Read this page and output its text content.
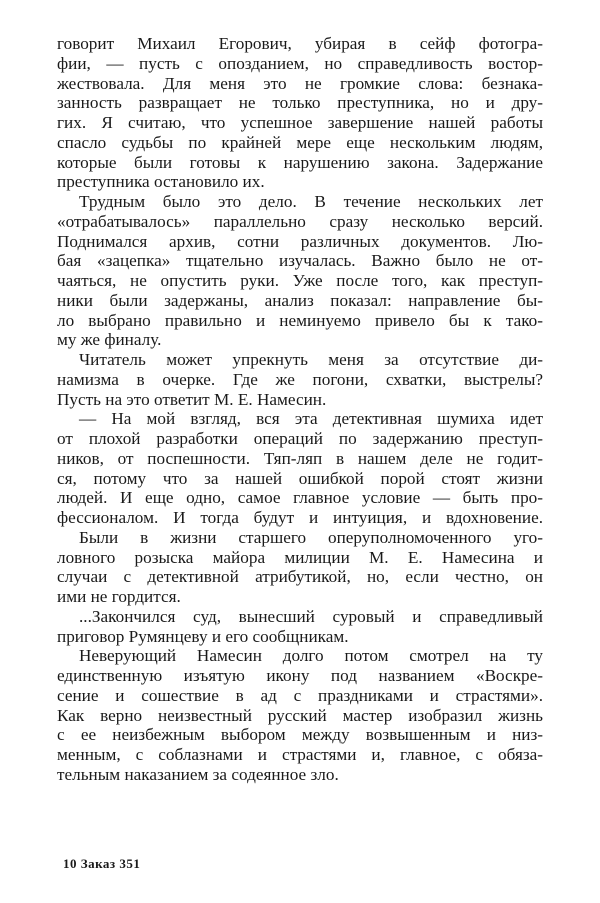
говорит Михаил Егорович, убирая в сейф фотогра-
фии, — пусть с опозданием, но справедливость востор-
жествовала. Для меня это не громкие слова: безнака-
занность развращает не только преступника, но и дру-
гих. Я считаю, что успешное завершение нашей работы
спасло судьбы по крайней мере еще нескольким людям,
которые были готовы к нарушению закона. Задержание
преступника остановило их.
Трудным было это дело. В течение нескольких лет
«отрабатывалось» параллельно сразу несколько версий.
Поднимался архив, сотни различных документов. Лю-
бая «зацепка» тщательно изучалась. Важно было не от-
чаяться, не опустить руки. Уже после того, как преступ-
ники были задержаны, анализ показал: направление бы-
ло выбрано правильно и неминуемо привело бы к тако-
му же финалу.
Читатель может упрекнуть меня за отсутствие ди-
намизма в очерке. Где же погони, схватки, выстрелы?
Пусть на это ответит М. Е. Намесин.
— На мой взгляд, вся эта детективная шумиха идет
от плохой разработки операций по задержанию преступ-
ников, от поспешности. Тяп-ляп в нашем деле не годит-
ся, потому что за нашей ошибкой порой стоят жизни
людей. И еще одно, самое главное условие — быть про-
фессионалом. И тогда будут и интуиция, и вдохновение.
Были в жизни старшего оперуполномоченного уго-
ловного розыска майора милиции М. Е. Намесина и
случаи с детективной атрибутикой, но, если честно, он
ими не гордится.
...Закончился суд, вынесший суровый и справедливый
приговор Румянцеву и его сообщникам.
Неверующий Намесин долго потом смотрел на ту
единственную изъятую икону под названием «Воскре-
сение и сошествие в ад с праздниками и страстями».
Как верно неизвестный русский мастер изобразил жизнь
с ее неизбежным выбором между возвышенным и низ-
менным, с соблазнами и страстями и, главное, с обяза-
тельным наказанием за содеянное зло.
10 Заказ 351
